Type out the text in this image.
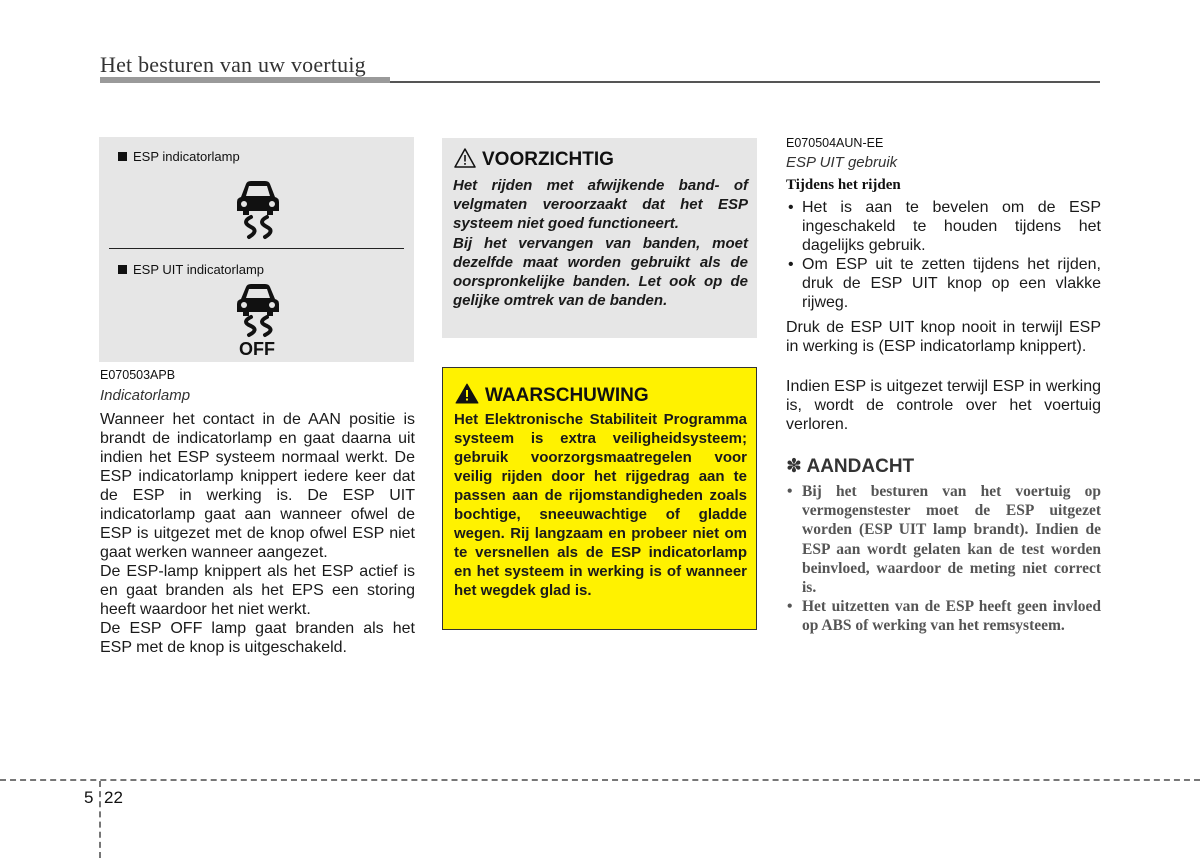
Het besturen van uw voertuig
ESP indicatorlamp
ESP UIT indicatorlamp
OFF
E070503APB
Indicatorlamp

Wanneer het contact in de AAN positie is brandt de indicatorlamp en gaat daarna uit indien het ESP systeem normaal werkt. De ESP indicatorlamp knippert iedere keer dat de ESP in werking is. De ESP UIT indicatorlamp gaat aan wanneer ofwel de ESP is uitgezet met de knop ofwel ESP niet gaat werken wanneer aangezet.

De ESP-lamp knippert als het ESP actief is en gaat branden als het EPS een storing heeft waardoor het niet werkt.

De ESP OFF lamp gaat branden als het ESP met de knop is uitgeschakeld.

VOORZICHTIG

Het rijden met afwijkende band- of velgmaten veroorzaakt dat het ESP systeem niet goed functioneert.

Bij het vervangen van banden, moet dezelfde maat worden gebruikt als de oorspronkelijke banden. Let ook op de gelijke omtrek van de banden.

WAARSCHUWING
Het Elektronische Stabiliteit Programma systeem is extra veiligheidsysteem; gebruik voorzorgsmaatregelen voor veilig rijden door het rijgedrag aan te passen aan de rijomstandigheden zoals bochtige, sneeuwachtige of gladde wegen. Rij langzaam en probeer niet om te versnellen als de ESP indicatorlamp en het systeem in werking is of wanneer het wegdek glad is.
E070504AUN-EE
ESP UIT gebruik
Tijdens het rijden
• Het is aan te bevelen om de ESP ingeschakeld te houden tijdens het dagelijks gebruik.
• Om ESP uit te zetten tijdens het rijden, druk de ESP UIT knop op een vlakke rijweg.
Druk de ESP UIT knop nooit in terwijl ESP in werking is (ESP indicatorlamp knippert).
Indien ESP is uitgezet terwijl ESP in werking is, wordt de controle over het voertuig verloren.
✽ AANDACHT
• Bij het besturen van het voertuig op vermogenstester moet de ESP uitgezet worden (ESP UIT lamp brandt). Indien de ESP aan wordt gelaten kan de test worden beinvloed, waardoor de meting niet correct is.
• Het uitzetten van de ESP heeft geen invloed op ABS of werking van het remsysteem.
5 22
